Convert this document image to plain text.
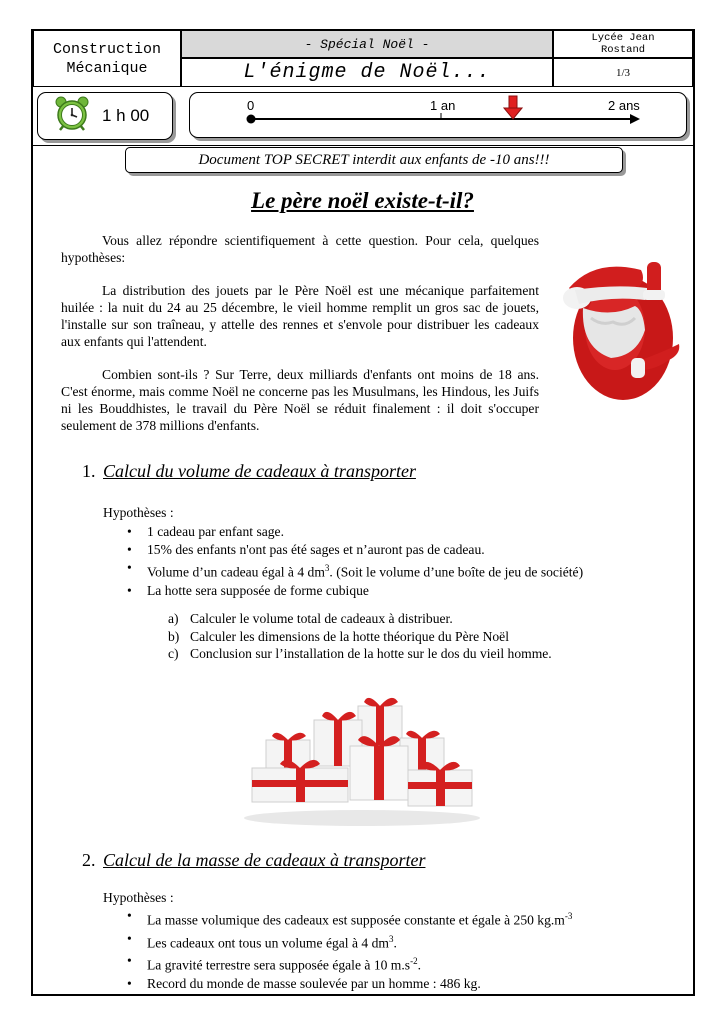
Construction
Mécanique
- Spécial Noël -
L'énigme de Noël...
Lycée Jean
Rostand
1/3
1 h 00
0	1 an	2 ans
Document TOP SECRET interdit aux enfants de -10 ans!!!
Le père noël existe-t-il?
Vous allez répondre scientifiquement à cette question. Pour cela, quelques hypothèses:
La distribution des jouets par le Père Noël est une mécanique parfaitement huilée : la nuit du 24 au 25 décembre, le vieil homme remplit un gros sac de jouets, l'installe sur son traîneau, y attelle des rennes et s'envole pour distribuer les cadeaux aux enfants qui l'attendent.
Combien sont-ils ? Sur Terre, deux milliards d'enfants ont moins de 18 ans. C'est énorme, mais comme Noël ne concerne pas les Musulmans, les Hindous, les Juifs ni les Bouddhistes, le travail du Père Noël se réduit finalement : il doit s'occuper seulement de 378 millions d'enfants.
1. Calcul du volume de cadeaux à transporter
Hypothèses :
• 1 cadeau par enfant sage.
• 15% des enfants n'ont pas été sages et n’auront pas de cadeau.
• Volume d’un cadeau égal à 4 $dm^3$. (Soit le volume d’une boîte de jeu de société)
• La hotte sera supposée de forme cubique
a) Calculer le volume total de cadeaux à distribuer.
b) Calculer les dimensions de la hotte théorique du Père Noël
c) Conclusion sur l’installation de la hotte sur le dos du vieil homme.
2. Calcul de la masse de cadeaux à transporter
Hypothèses :
• La masse volumique des cadeaux est supposée constante et égale à 250 $kg.m^{-3}$
• Les cadeaux ont tous un volume égal à 4 $dm^3$.
• La gravité terrestre sera supposée égale à 10 $m.s^{-2}$.
• Record du monde de masse soulevée par un homme : 486 kg.
